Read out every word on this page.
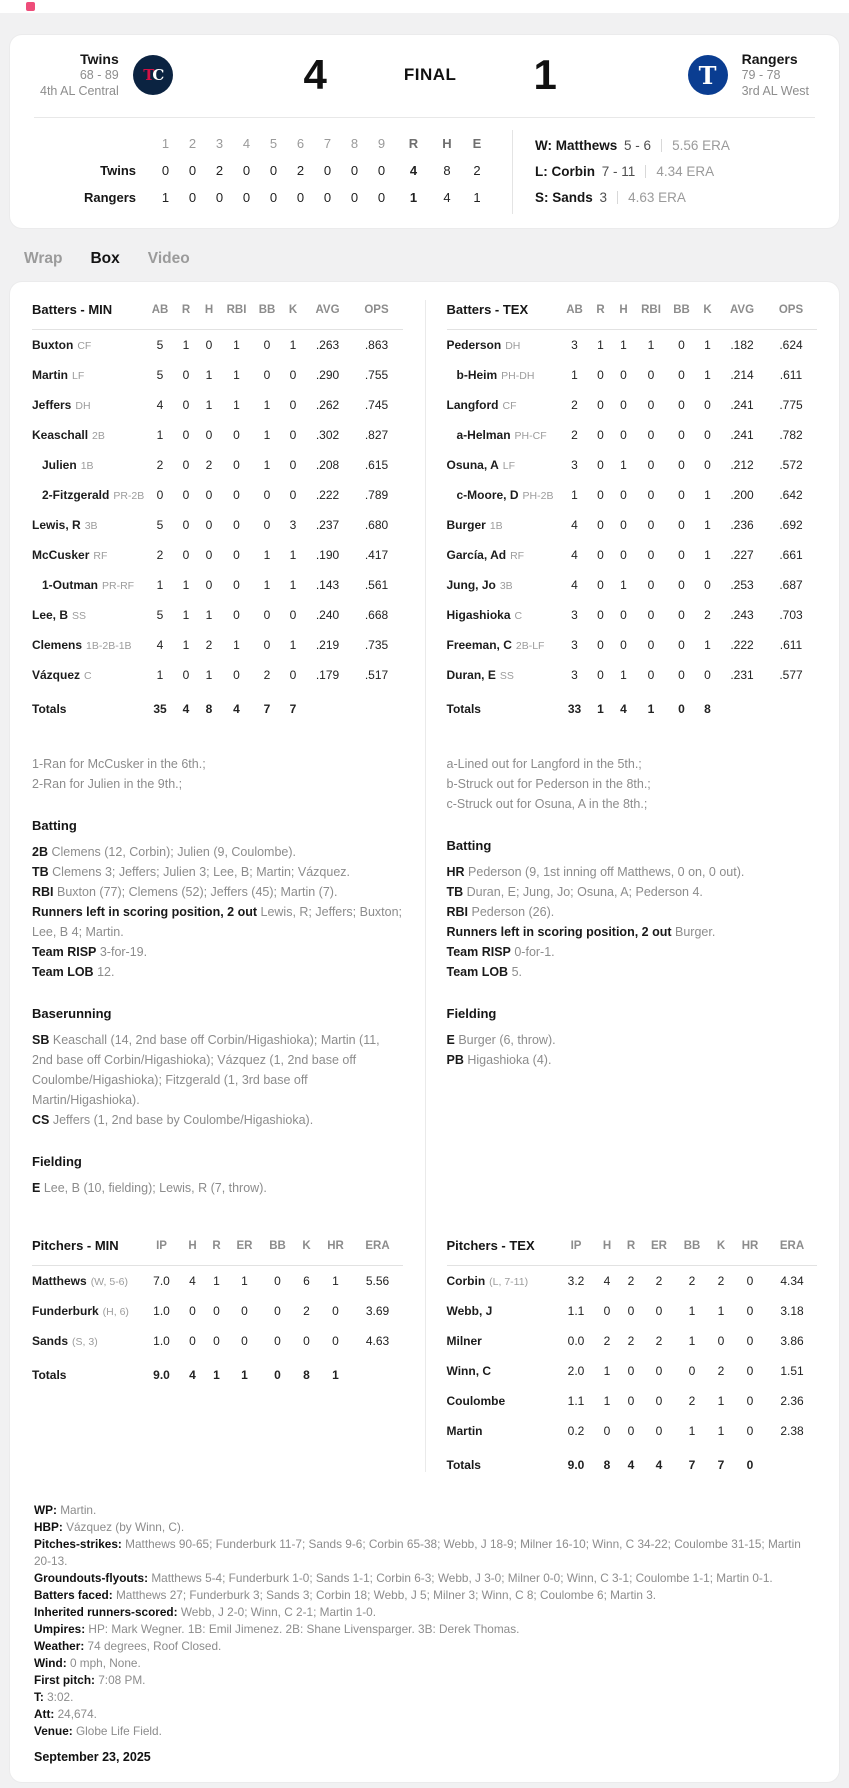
Twins
68 - 89
4th AL Central
T C	4	FINAL	1	T
Rangers
79 - 78
3rd AL West
1	2	3	4	5	6	7	8	9	R	H	E
Twins	0	0	2	0	0	2	0	0	0	4	8	2
Rangers	1	0	0	0	0	0	0	0	0	1	4	1
W: Matthews 5 - 6 5.56 ERA
L: Corbin 7 - 11 4.34 ERA
S: Sands 3 4.63 ERA
Wrap Box Video
Batters - MIN	AB	R	H	RBI	BB	K	AVG	OPS
Buxton CF	5	1	0	1	0	1	.263	.863
Martin LF	5	0	1	1	0	0	.290	.755
Jeffers DH	4	0	1	1	1	0	.262	.745
Keaschall 2B	1	0	0	0	1	0	.302	.827
Julien 1B	2	0	2	0	1	0	.208	.615
2-Fitzgerald PR-2B	0	0	0	0	0	0	.222	.789
Lewis, R 3B	5	0	0	0	0	3	.237	.680
McCusker RF	2	0	0	0	1	1	.190	.417
1-Outman PR-RF	1	1	0	0	1	1	.143	.561
Lee, B SS	5	1	1	0	0	0	.240	.668
Clemens 1B-2B-1B	4	1	2	1	0	1	.219	.735
Vázquez C	1	0	1	0	2	0	.179	.517
Totals	35	4	8	4	7	7
1-Ran for McCusker in the 6th.;
2-Ran for Julien in the 9th.;
Batting
2B Clemens (12, Corbin); Julien (9, Coulombe).
TB Clemens 3; Jeffers; Julien 3; Lee, B; Martin; Vázquez.
RBI Buxton (77); Clemens (52); Jeffers (45); Martin (7).
Runners left in scoring position, 2 out Lewis, R; Jeffers; Buxton; Lee, B 4; Martin.
Team RISP 3-for-19.
Team LOB 12.
Baserunning
SB Keaschall (14, 2nd base off Corbin/Higashioka); Martin (11, 2nd base off Corbin/Higashioka); Vázquez (1, 2nd base off Coulombe/Higashioka); Fitzgerald (1, 3rd base off Martin/Higashioka).
CS Jeffers (1, 2nd base by Coulombe/Higashioka).
Fielding
E Lee, B (10, fielding); Lewis, R (7, throw).
Batters - TEX	AB	R	H	RBI	BB	K	AVG	OPS
Pederson DH	3	1	1	1	0	1	.182	.624
b-Heim PH-DH	1	0	0	0	0	1	.214	.611
Langford CF	2	0	0	0	0	0	.241	.775
a-Helman PH-CF	2	0	0	0	0	0	.241	.782
Osuna, A LF	3	0	1	0	0	0	.212	.572
c-Moore, D PH-2B	1	0	0	0	0	1	.200	.642
Burger 1B	4	0	0	0	0	1	.236	.692
García, Ad RF	4	0	0	0	0	1	.227	.661
Jung, Jo 3B	4	0	1	0	0	0	.253	.687
Higashioka C	3	0	0	0	0	2	.243	.703
Freeman, C 2B-LF	3	0	0	0	0	1	.222	.611
Duran, E SS	3	0	1	0	0	0	.231	.577
Totals	33	1	4	1	0	8
a-Lined out for Langford in the 5th.;
b-Struck out for Pederson in the 8th.;
c-Struck out for Osuna, A in the 8th.;
Batting
HR Pederson (9, 1st inning off Matthews, 0 on, 0 out).
TB Duran, E; Jung, Jo; Osuna, A; Pederson 4.
RBI Pederson (26).
Runners left in scoring position, 2 out Burger.
Team RISP 0-for-1.
Team LOB 5.
Fielding
E Burger (6, throw).
PB Higashioka (4).
Pitchers - MIN	IP	H	R	ER	BB	K	HR	ERA
Matthews (W, 5-6)	7.0	4	1	1	0	6	1	5.56
Funderburk (H, 6)	1.0	0	0	0	0	2	0	3.69
Sands (S, 3)	1.0	0	0	0	0	0	0	4.63
Totals	9.0	4	1	1	0	8	1
Pitchers - TEX	IP	H	R	ER	BB	K	HR	ERA
Corbin (L, 7-11)	3.2	4	2	2	2	2	0	4.34
Webb, J	1.1	0	0	0	1	1	0	3.18
Milner	0.0	2	2	2	1	0	0	3.86
Winn, C	2.0	1	0	0	0	2	0	1.51
Coulombe	1.1	1	0	0	2	1	0	2.36
Martin	0.2	0	0	0	1	1	0	2.38
Totals	9.0	8	4	4	7	7	0
WP: Martin.
HBP: Vázquez (by Winn, C).
Pitches-strikes: Matthews 90-65; Funderburk 11-7; Sands 9-6; Corbin 65-38; Webb, J 18-9; Milner 16-10; Winn, C 34-22; Coulombe 31-15; Martin 20-13.
Groundouts-flyouts: Matthews 5-4; Funderburk 1-0; Sands 1-1; Corbin 6-3; Webb, J 3-0; Milner 0-0; Winn, C 3-1; Coulombe 1-1; Martin 0-1.
Batters faced: Matthews 27; Funderburk 3; Sands 3; Corbin 18; Webb, J 5; Milner 3; Winn, C 8; Coulombe 6; Martin 3.
Inherited runners-scored: Webb, J 2-0; Winn, C 2-1; Martin 1-0.
Umpires: HP: Mark Wegner. 1B: Emil Jimenez. 2B: Shane Livensparger. 3B: Derek Thomas.
Weather: 74 degrees, Roof Closed.
Wind: 0 mph, None.
First pitch: 7:08 PM.
T: 3:02.
Att: 24,674.
Venue: Globe Life Field.
September 23, 2025
